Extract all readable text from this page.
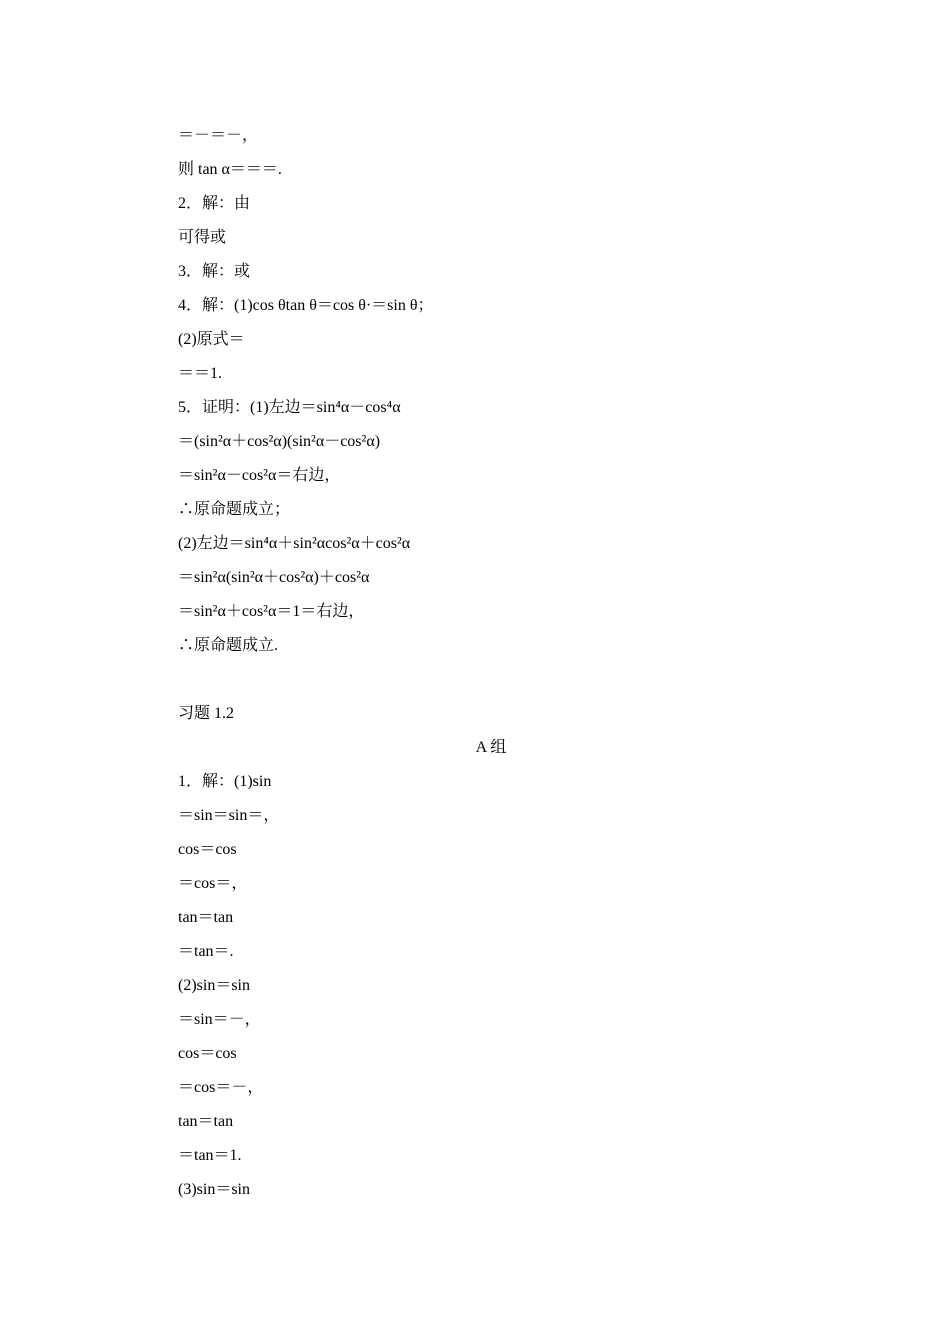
＝－＝－，
则 tan α＝＝＝.
2．解：由
可得或
3．解：或
4．解：(1)cos θtan θ＝cos θ·＝sin θ；
(2)原式＝
＝＝1.
5．证明：(1)左边＝sin⁴α－cos⁴α
＝(sin²α＋cos²α)(sin²α－cos²α)
＝sin²α－cos²α＝右边，
∴原命题成立；
(2)左边＝sin⁴α＋sin²αcos²α＋cos²α
＝sin²α(sin²α＋cos²α)＋cos²α
＝sin²α＋cos²α＝1＝右边，
∴原命题成立.
习题 1.2
A 组
1．解：(1)sin
＝sin＝sin＝，
cos＝cos
＝cos＝，
tan＝tan
＝tan＝.
(2)sin＝sin
＝sin＝－，
cos＝cos
＝cos＝－，
tan＝tan
＝tan＝1.
(3)sin＝sin
